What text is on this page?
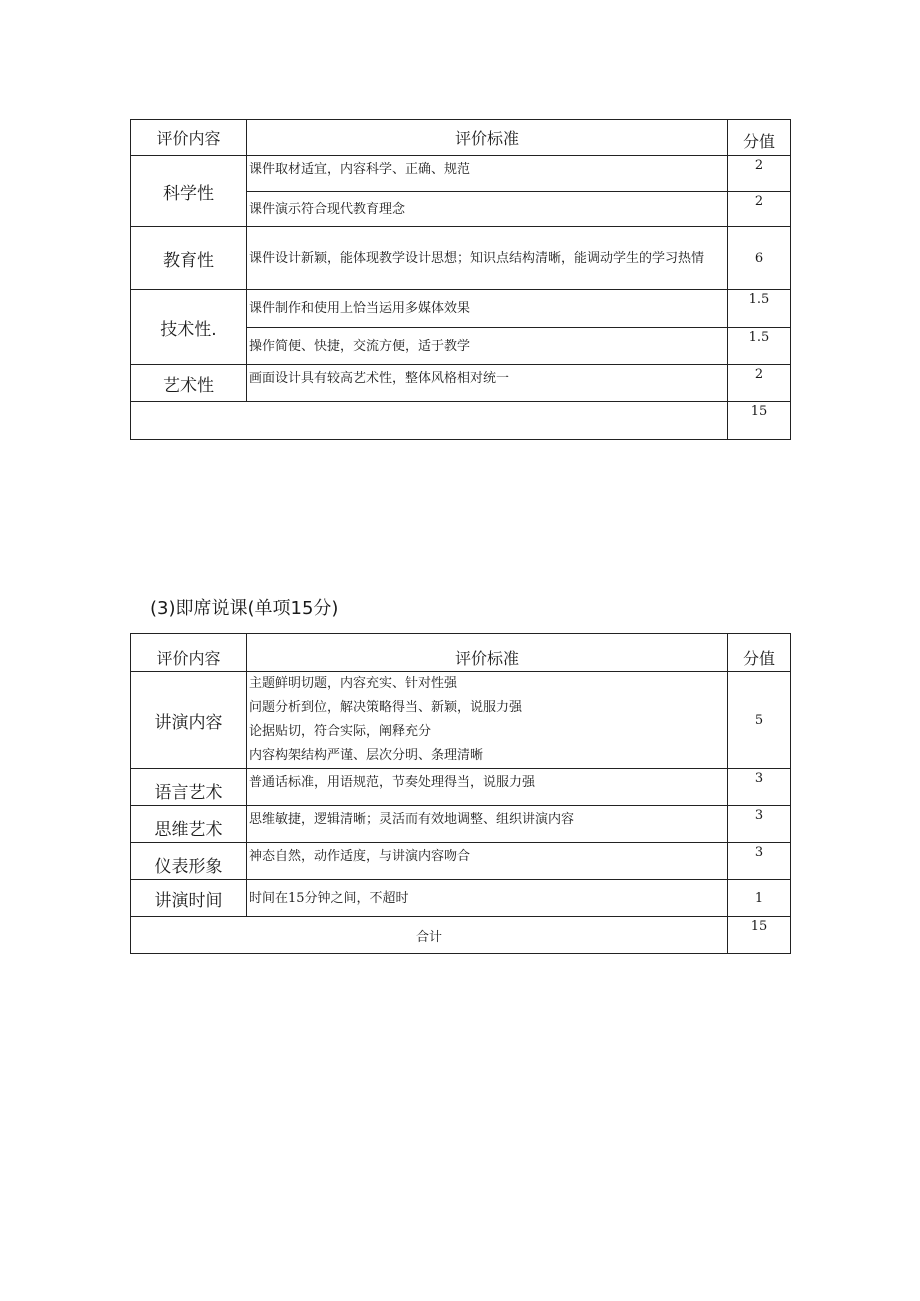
评价内容	评价标准	分值
科学性	课件取材适宜，内容科学、正确、规范	2
	课件演示符合现代教育理念	2
教育性	课件设计新颖，能体现教学设计思想；知识点结构清晰，能调动学生的学习热情	6
技术性.	课件制作和使用上恰当运用多媒体效果	1.5
	操作简便、快捷，交流方便，适于教学	1.5
艺术性	画面设计具有较高艺术性，整体风格相对统一	2
		15
(3)即席说课(单项15分)
评价内容	评价标准	分值
讲演内容	主题鲜明切题，内容充实、针对性强
问题分析到位，解决策略得当、新颖，说服力强
论据贴切，符合实际，阐释充分
内容构架结构严谨、层次分明、条理清晰	5
语言艺术	普通话标准，用语规范，节奏处理得当，说服力强	3
思维艺术	思维敏捷，逻辑清晰；灵活而有效地调整、组织讲演内容	3
仪表形象	神态自然，动作适度，与讲演内容吻合	3
讲演时间	时间在15分钟之间，不超时	1
合计		15
